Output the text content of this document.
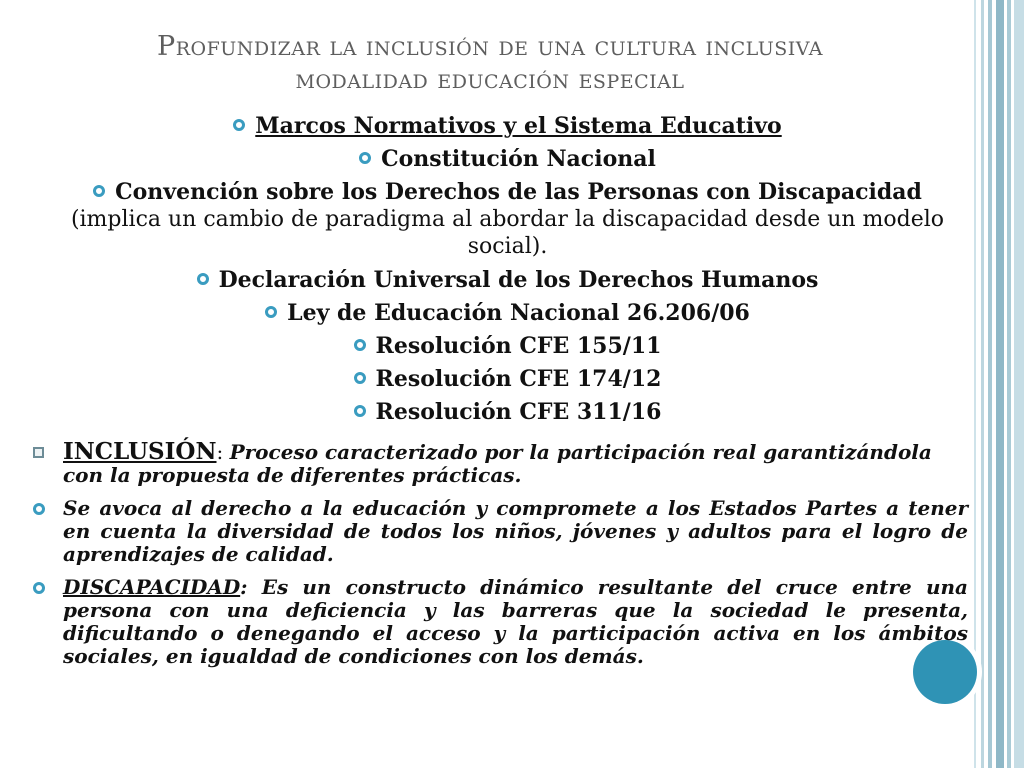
Profundizar la inclusión de una cultura inclusiva
modalidad educación especial
Marcos Normativos y el Sistema Educativo
Constitución Nacional
Convención sobre los Derechos de las Personas con Discapacidad (implica un cambio de paradigma al abordar la discapacidad desde un modelo social).
Declaración Universal de los Derechos Humanos
Ley de Educación Nacional 26.206/06
Resolución CFE 155/11
Resolución CFE 174/12
Resolución CFE 311/16
INCLUSIÓN: Proceso caracterizado por la participación real garantizándola con la propuesta de diferentes prácticas.
Se avoca al derecho a la educación y compromete a los Estados Partes a tener en cuenta la diversidad de todos los niños, jóvenes y adultos para el logro de aprendizajes de calidad.
DISCAPACIDAD: Es un constructo dinámico resultante del cruce entre una persona con una deficiencia y las barreras que la sociedad le presenta, dificultando o denegando el acceso y la participación activa en los ámbitos sociales, en igualdad de condiciones con los demás.
